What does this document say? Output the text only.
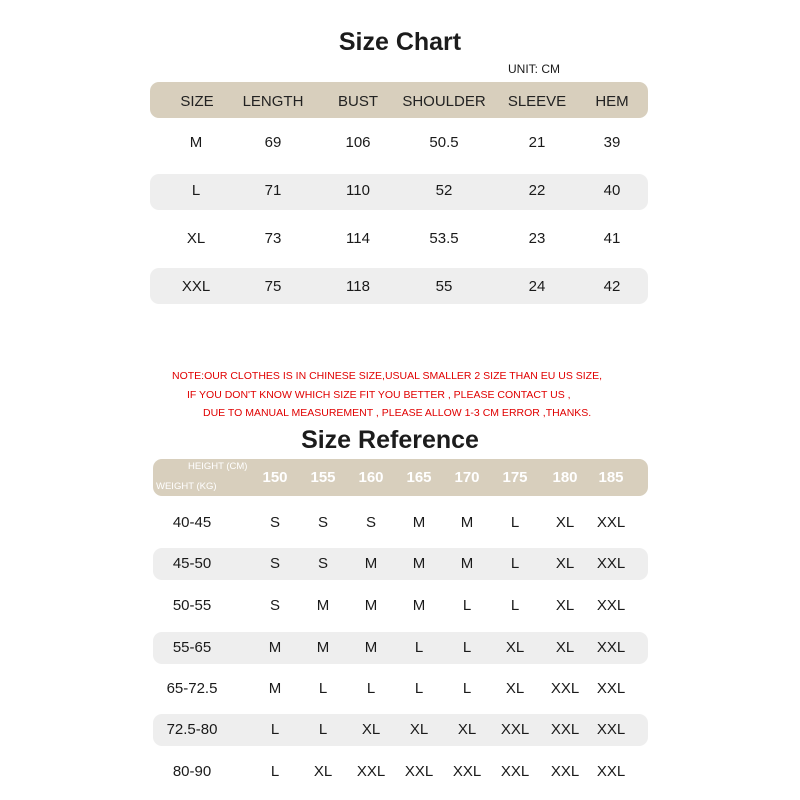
Size Chart
UNIT: CM
SIZE LENGTH BUST SHOULDER SLEEVE HEM
M	69	106	50.5	21	39
L	71	110	52	22	40
XL	73	114	53.5	23	41
XXL	75	118	55	24	42
NOTE:OUR CLOTHES IS IN CHINESE SIZE,USUAL SMALLER 2 SIZE THAN EU US SIZE,
IF YOU DON'T KNOW WHICH SIZE FIT YOU BETTER , PLEASE CONTACT US ,
DUE TO MANUAL MEASUREMENT , PLEASE ALLOW 1-3 CM ERROR ,THANKS.
Size Reference
HEIGHT (CM)
WEIGHT (KG)
150 155 160 165 170 175 180 185
40-45	S	S	S M M	L XL XXL
45-50	S	S M M M	L XL XXL
50-55	S M M M	L	L XL XXL
55-65	M M M	L	L XL XL XXL
65-72.5	M	L	L	L	L XL XXL XXL
72.5-80	L	L XL XL XL XXL XXL XXL
80-90	L XL XXL XXL XXL XXL XXL XXL
